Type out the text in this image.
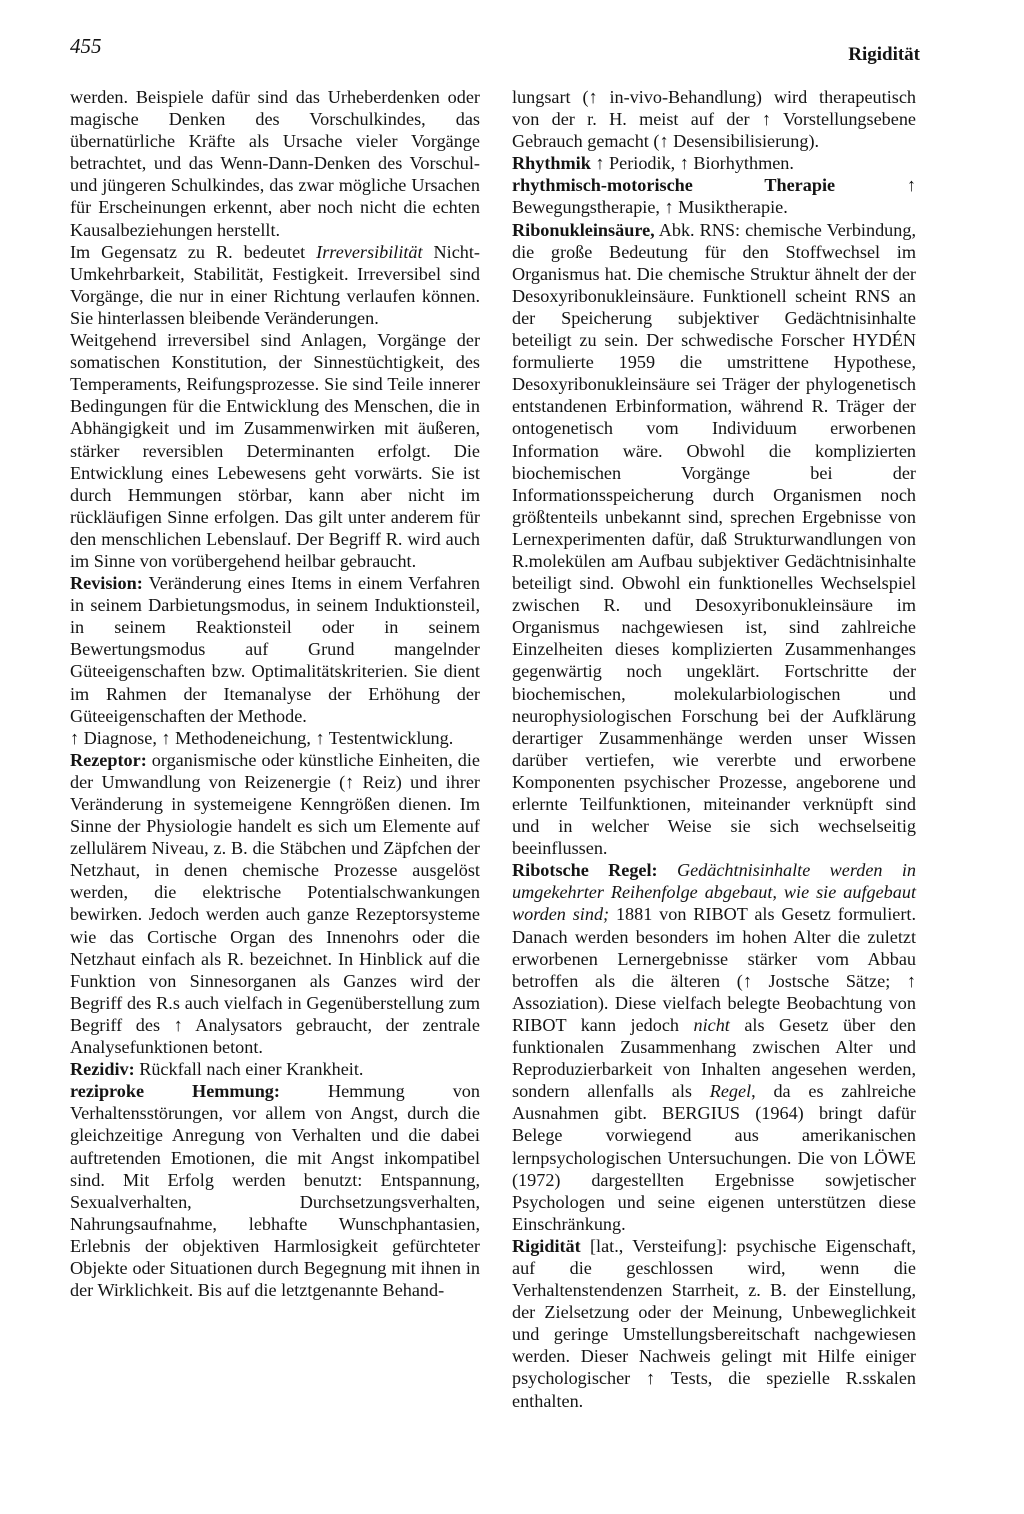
455	Rigidität

werden. Beispiele dafür sind das Urheberdenken oder magische Denken des Vorschulkindes, das übernatürliche Kräfte als Ursache vieler Vorgänge betrachtet, und das Wenn-Dann-Denken des Vorschul- und jüngeren Schulkindes, das zwar mögliche Ursachen für Erscheinungen erkennt, aber noch nicht die echten Kausalbeziehungen herstellt.

Im Gegensatz zu R. bedeutet Irreversibilität Nicht-Umkehrbarkeit, Stabilität, Festigkeit. Irreversibel sind Vorgänge, die nur in einer Richtung verlaufen können. Sie hinterlassen bleibende Veränderungen.

Weitgehend irreversibel sind Anlagen, Vorgänge der somatischen Konstitution, der Sinnestüchtigkeit, des Temperaments, Reifungsprozesse. Sie sind Teile innerer Bedingungen für die Entwicklung des Menschen, die in Abhängigkeit und im Zusammenwirken mit äußeren, stärker reversiblen Determinanten erfolgt. Die Entwicklung eines Lebewesens geht vorwärts. Sie ist durch Hemmungen störbar, kann aber nicht im rückläufigen Sinne erfolgen. Das gilt unter anderem für den menschlichen Lebenslauf. Der Begriff R. wird auch im Sinne von vorübergehend heilbar gebraucht.

Revision: Veränderung eines Items in einem Verfahren in seinem Darbietungsmodus, in seinem Induktionsteil, in seinem Reaktionsteil oder in seinem Bewertungsmodus auf Grund mangelnder Güteeigenschaften bzw. Optimalitätskriterien. Sie dient im Rahmen der Itemanalyse der Erhöhung der Güteeigenschaften der Methode.

↑ Diagnose, ↑ Methodeneichung, ↑ Testentwicklung.

Rezeptor: organismische oder künstliche Einheiten, die der Umwandlung von Reizenergie (↑ Reiz) und ihrer Veränderung in systemeigene Kenngrößen dienen. Im Sinne der Physiologie handelt es sich um Elemente auf zellulärem Niveau, z. B. die Stäbchen und Zäpfchen der Netzhaut, in denen chemische Prozesse ausgelöst werden, die elektrische Potentialschwankungen bewirken. Jedoch werden auch ganze Rezeptorsysteme wie das Cortische Organ des Innenohrs oder die Netzhaut einfach als R. bezeichnet. In Hinblick auf die Funktion von Sinnesorganen als Ganzes wird der Begriff des R.s auch vielfach in Gegenüberstellung zum Begriff des ↑ Analysators gebraucht, der zentrale Analysefunktionen betont.

Rezidiv: Rückfall nach einer Krankheit.

reziproke Hemmung: Hemmung von Verhaltensstörungen, vor allem von Angst, durch die gleichzeitige Anregung von Verhalten und die dabei auftretenden Emotionen, die mit Angst inkompatibel sind. Mit Erfolg werden benutzt: Entspannung, Sexualverhalten, Durchsetzungsverhalten, Nahrungsaufnahme, lebhafte Wunschphantasien, Erlebnis der objektiven Harmlosigkeit gefürchteter Objekte oder Situationen durch Begegnung mit ihnen in der Wirklichkeit. Bis auf die letztgenannte Behand-

lungsart (↑ in-vivo-Behandlung) wird therapeutisch von der r. H. meist auf der ↑ Vorstellungsebene Gebrauch gemacht (↑ Desensibilisierung).

Rhythmik ↑ Periodik, ↑ Biorhythmen.

rhythmisch-motorische Therapie ↑ Bewegungstherapie, ↑ Musiktherapie.

Ribonukleinsäure, Abk. RNS: chemische Verbindung, die große Bedeutung für den Stoffwechsel im Organismus hat. Die chemische Struktur ähnelt der der Desoxyribonukleinsäure. Funktionell scheint RNS an der Speicherung subjektiver Gedächtnisinhalte beteiligt zu sein. Der schwedische Forscher HYDÉN formulierte 1959 die umstrittene Hypothese, Desoxyribonukleinsäure sei Träger der phylogenetisch entstandenen Erbinformation, während R. Träger der ontogenetisch vom Individuum erworbenen Information wäre. Obwohl die komplizierten biochemischen Vorgänge bei der Informationsspeicherung durch Organismen noch größtenteils unbekannt sind, sprechen Ergebnisse von Lernexperimenten dafür, daß Strukturwandlungen von R.molekülen am Aufbau subjektiver Gedächtnisinhalte beteiligt sind. Obwohl ein funktionelles Wechselspiel zwischen R. und Desoxyribonukleinsäure im Organismus nachgewiesen ist, sind zahlreiche Einzelheiten dieses komplizierten Zusammenhanges gegenwärtig noch ungeklärt. Fortschritte der biochemischen, molekularbiologischen und neurophysiologischen Forschung bei der Aufklärung derartiger Zusammenhänge werden unser Wissen darüber vertiefen, wie vererbte und erworbene Komponenten psychischer Prozesse, angeborene und erlernte Teilfunktionen, miteinander verknüpft sind und in welcher Weise sie sich wechselseitig beeinflussen.

Ribotsche Regel: Gedächtnisinhalte werden in umgekehrter Reihenfolge abgebaut, wie sie aufgebaut worden sind; 1881 von RIBOT als Gesetz formuliert. Danach werden besonders im hohen Alter die zuletzt erworbenen Lernergebnisse stärker vom Abbau betroffen als die älteren (↑ Jostsche Sätze; ↑ Assoziation). Diese vielfach belegte Beobachtung von RIBOT kann jedoch nicht als Gesetz über den funktionalen Zusammenhang zwischen Alter und Reproduzierbarkeit von Inhalten angesehen werden, sondern allenfalls als Regel, da es zahlreiche Ausnahmen gibt. BERGIUS (1964) bringt dafür Belege vorwiegend aus amerikanischen lernpsychologischen Untersuchungen. Die von LÖWE (1972) dargestellten Ergebnisse sowjetischer Psychologen und seine eigenen unterstützen diese Einschränkung.

Rigidität [lat., Versteifung]: psychische Eigenschaft, auf die geschlossen wird, wenn die Verhaltenstendenzen Starrheit, z. B. der Einstellung, der Zielsetzung oder der Meinung, Unbeweglichkeit und geringe Umstellungsbereitschaft nachgewiesen werden. Dieser Nachweis gelingt mit Hilfe einiger psychologischer ↑ Tests, die spezielle R.sskalen enthalten.
